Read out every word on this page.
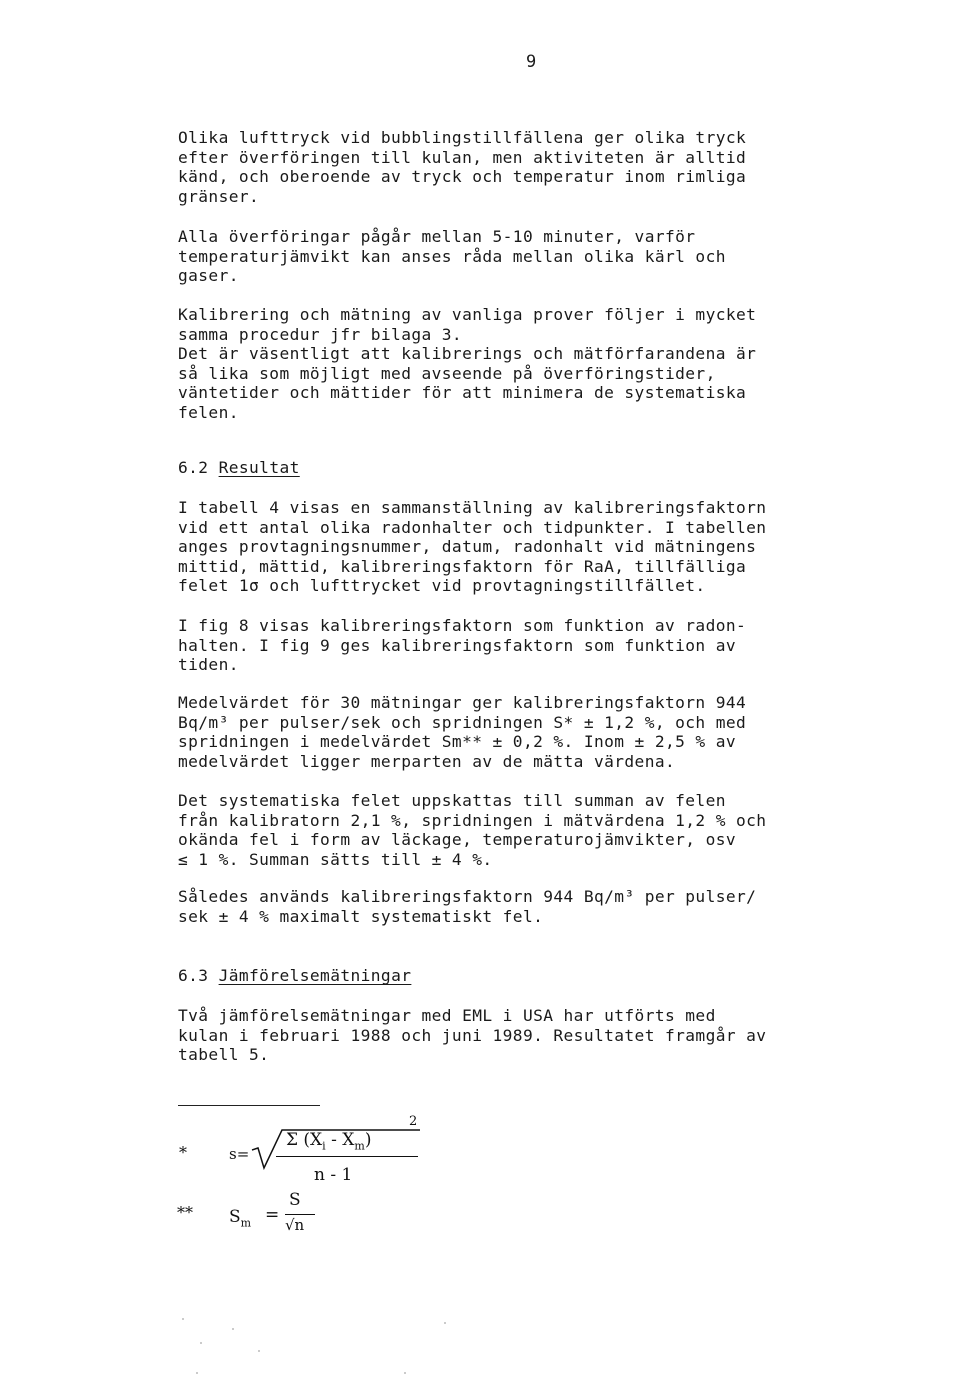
9
Olika lufttryck vid bubblingstillfällena ger olika tryck
efter överföringen till kulan, men aktiviteten är alltid
känd, och oberoende av tryck och temperatur inom rimliga
gränser.
Alla överföringar pågår mellan 5-10 minuter, varför
temperaturjämvikt kan anses råda mellan olika kärl och
gaser.
Kalibrering och mätning av vanliga prover följer i mycket
samma procedur jfr bilaga 3.
Det är väsentligt att kalibrerings och mätförfarandena är
så lika som möjligt med avseende på överföringstider,
väntetider och mättider för att minimera de systematiska
felen.
6.2 Resultat
I tabell 4 visas en sammanställning av kalibreringsfaktorn
vid ett antal olika radonhalter och tidpunkter. I tabellen
anges provtagningsnummer, datum, radonhalt vid mätningens
mittid, mättid, kalibreringsfaktorn för RaA, tillfälliga
felet 1σ och lufttrycket vid provtagningstillfället.
I fig 8 visas kalibreringsfaktorn som funktion av radon-
halten. I fig 9 ges kalibreringsfaktorn som funktion av
tiden.
Medelvärdet för 30 mätningar ger kalibreringsfaktorn 944
Bq/m³ per pulser/sek och spridningen S* ± 1,2 %, och med
spridningen i medelvärdet Sm** ± 0,2 %. Inom ± 2,5 % av
medelvärdet ligger merparten av de mätta värdena.
Det systematiska felet uppskattas till summan av felen
från kalibratorn 2,1 %, spridningen i mätvärdena 1,2 % och
okända fel i form av läckage, temperaturojämvikter, osv
≤ 1 %. Summan sätts till ± 4 %.
Således används kalibreringsfaktorn 944 Bq/m³ per pulser/
sek ± 4 % maximalt systematiskt fel.
6.3 Jämförelsemätningar
Två jämförelsemätningar med EML i USA har utförts med
kulan i februari 1988 och juni 1989. Resultatet framgår av
tabell 5.
*	s=
Σ $(X_i - X_m)$
2
n - 1
** $S_m$ =
S
√n
